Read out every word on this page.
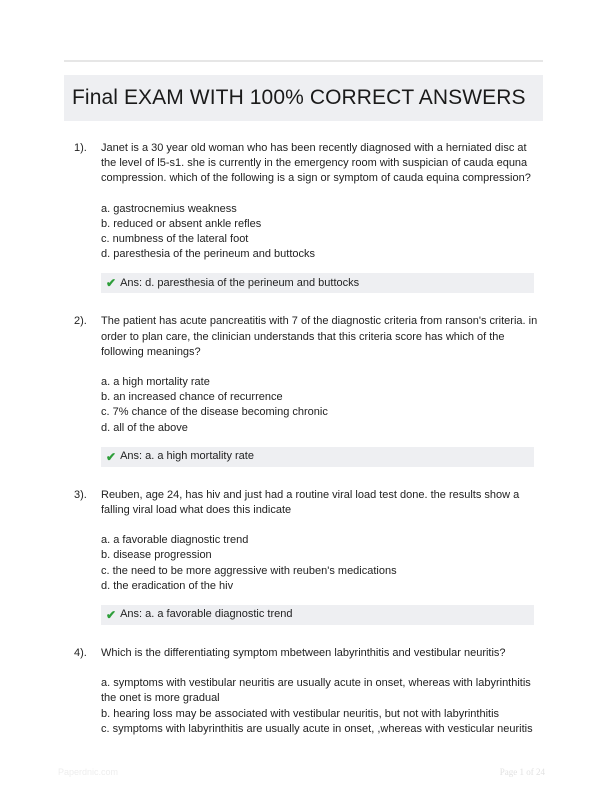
Final EXAM WITH 100% CORRECT ANSWERS
1). Janet is a 30 year old woman who has been recently diagnosed with a herniated disc at the level of l5-s1. she is currently in the emergency room with suspician of cauda equna compression. which of the following is a sign or symptom of cauda equina compression?

a. gastrocnemius weakness
b. reduced or absent ankle refles
c. numbness of the lateral foot
d. paresthesia of the perineum and buttocks
✔ Ans: d. paresthesia of the perineum and buttocks
2). The patient has acute pancreatitis with 7 of the diagnostic criteria from ranson's criteria. in order to plan care, the clinician understands that this criteria score has which of the following meanings?

a. a high mortality rate
b. an increased chance of recurrence
c. 7% chance of the disease becoming chronic
d. all of the above
✔ Ans: a. a high mortality rate
3). Reuben, age 24, has hiv and just had a routine viral load test done. the results show a falling viral load what does this indicate

a. a favorable diagnostic trend
b. disease progression
c. the need to be more aggressive with reuben's medications
d. the eradication of the hiv
✔ Ans: a. a favorable diagnostic trend
4). Which is the differentiating symptom mbetween labyrinthitis and vestibular neuritis?

a. symptoms with vestibular neuritis are usually acute in onset, whereas with labyrinthitis the onet is more gradual
b. hearing loss may be associated with vestibular neuritis, but not with labyrinthitis
c. symptoms with labyrinthitis are usually acute in onset, ,whereas with vesticular neuritis
Paperdnic.com	Page 1 of 24
